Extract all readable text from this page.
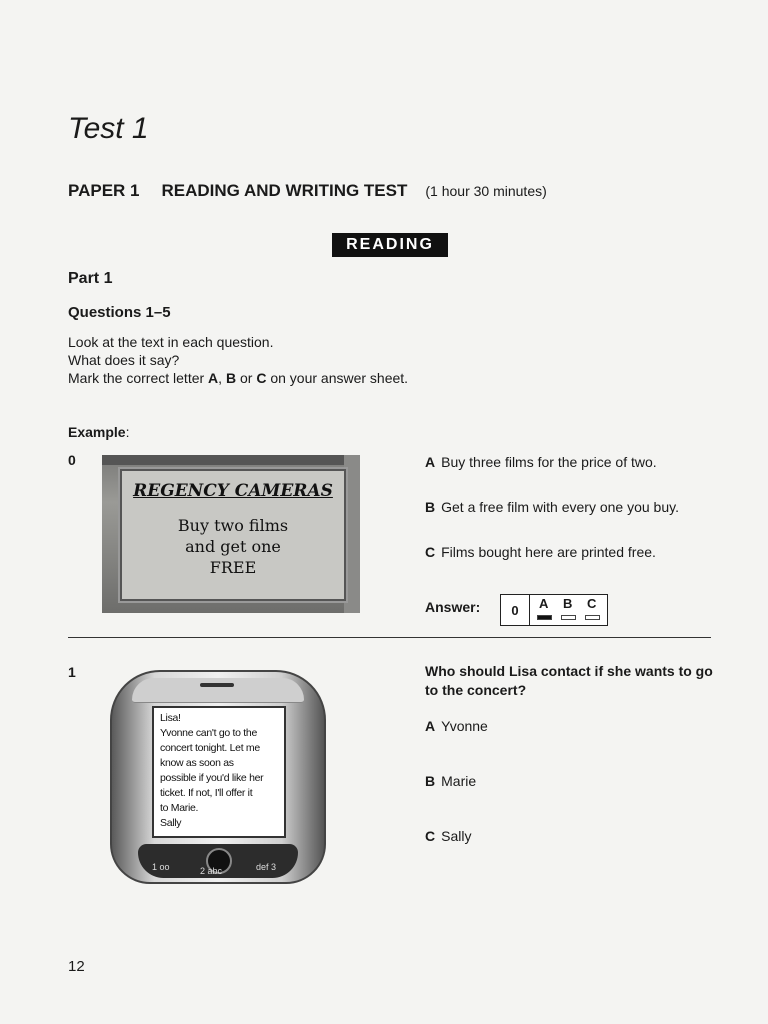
Test 1
PAPER 1 READING AND WRITING TEST (1 hour 30 minutes)
READING
Part 1
Questions 1–5
Look at the text in each question.
What does it say?
Mark the correct letter A, B or C on your answer sheet.
Example:
0
REGENCY CAMERAS
Buy two films
and get one
FREE
A Buy three films for the price of two.
B Get a free film with every one you buy.
C Films bought here are printed free.
Answer:	0	A B C
1
Lisa!
Yvonne can't go to the
concert tonight. Let me
know as soon as
possible if you'd like her
ticket. If not, I'll offer it
to Marie.
Sally
1 oo	2 abc	def 3
Who should Lisa contact if she wants to go to the concert?
A Yvonne
B Marie
C Sally
12
